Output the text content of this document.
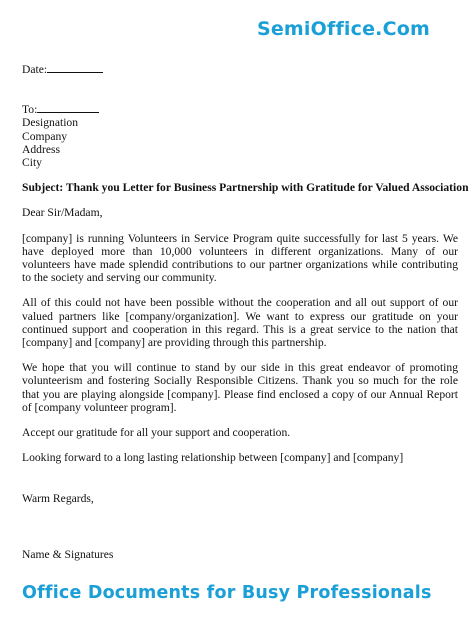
SemiOffice.Com
Date:
To:
Designation
Company
Address
City
Subject: Thank you Letter for Business Partnership with Gratitude for Valued Association
Dear Sir/Madam,
[company] is running Volunteers in Service Program quite successfully for last 5 years. We have deployed more than 10,000 volunteers in different organizations. Many of our volunteers have made splendid contributions to our partner organizations while contributing to the society and serving our community.
All of this could not have been possible without the cooperation and all out support of our valued partners like [company/organization]. We want to express our gratitude on your continued support and cooperation in this regard. This is a great service to the nation that [company] and [company] are providing through this partnership.
We hope that you will continue to stand by our side in this great endeavor of promoting volunteerism and fostering Socially Responsible Citizens. Thank you so much for the role that you are playing alongside [company]. Please find enclosed a copy of our Annual Report of [company volunteer program].
Accept our gratitude for all your support and cooperation.
Looking forward to a long lasting relationship between [company] and [company]
Warm Regards,
Name & Signatures
Office Documents for Busy Professionals
